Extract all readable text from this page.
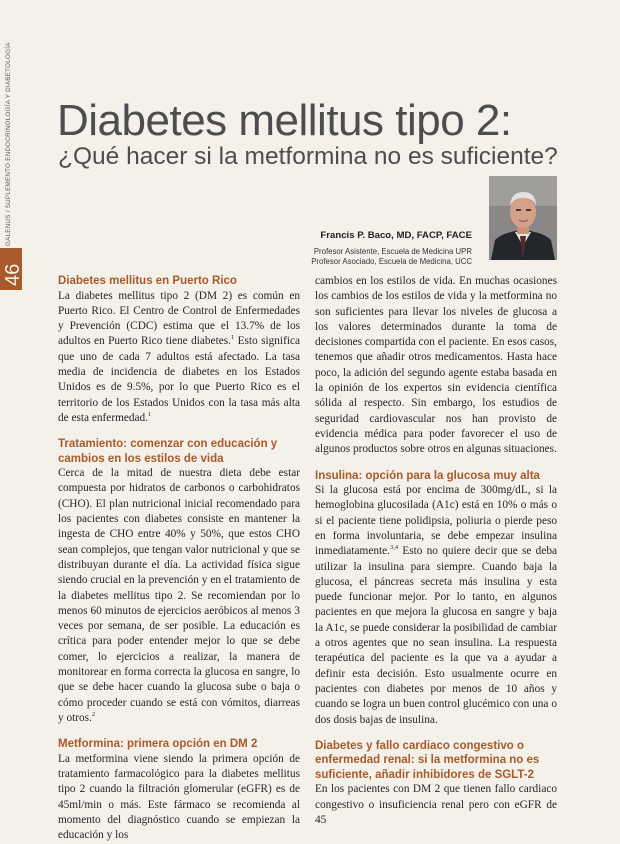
GALENUS / SUPLEMENTO ENDOCRINOLOGÍA Y DIABETOLOGÍA
46
Diabetes mellitus tipo 2:
¿Qué hacer si la metformina no es suficiente?
Francis P. Baco, MD, FACP, FACE
Profesor Asistente, Escuela de Medicina UPR
Profesor Asociado, Escuela de Medicina, UCC
Diabetes mellitus en Puerto Rico

La diabetes mellitus tipo 2 (DM 2) es común en Puerto Rico. El Centro de Control de Enfermedades y Prevención (CDC) estima que el 13.7% de los adultos en Puerto Rico tiene diabetes.$^1$ Esto significa que uno de cada 7 adultos está afectado. La tasa media de incidencia de diabetes en los Estados Unidos es de 9.5%, por lo que Puerto Rico es el territorio de los Estados Unidos con la tasa más alta de esta enfermedad.$^1$

Tratamiento: comenzar con educación y cambios en los estilos de vida

Cerca de la mitad de nuestra dieta debe estar compuesta por hidratos de carbonos o carbohidratos (CHO). El plan nutricional inicial recomendado para los pacientes con diabetes consiste en mantener la ingesta de CHO entre 40% y 50%, que estos CHO sean complejos, que tengan valor nutricional y que se distribuyan durante el día. La actividad física sigue siendo crucial en la prevención y en el tratamiento de la diabetes mellitus tipo 2. Se recomiendan por lo menos 60 minutos de ejercicios aeróbicos al menos 3 veces por semana, de ser posible. La educación es crítica para poder entender mejor lo que se debe comer, lo ejercicios a realizar, la manera de monitorear en forma correcta la glucosa en sangre, lo que se debe hacer cuando la glucosa sube o baja o cómo proceder cuando se está con vómitos, diarreas y otros.$^2$

Metformina: primera opción en DM 2

La metformina viene siendo la primera opción de tratamiento farmacológico para la diabetes mellitus tipo 2 cuando la filtración glomerular (eGFR) es de 45ml/min o más. Este fármaco se recomienda al momento del diagnóstico cuando se empiezan la educación y los

cambios en los estilos de vida. En muchas ocasiones los cambios de los estilos de vida y la metformina no son suficientes para llevar los niveles de glucosa a los valores determinados durante la toma de decisiones compartida con el paciente. En esos casos, tenemos que añadir otros medicamentos. Hasta hace poco, la adición del segundo agente estaba basada en la opinión de los expertos sin evidencia científica sólida al respecto. Sin embargo, los estudios de seguridad cardiovascular nos han provisto de evidencia médica para poder favorecer el uso de algunos productos sobre otros en algunas situaciones.

Insulina: opción para la glucosa muy alta

Si la glucosa está por encima de 300mg/dL, si la hemoglobina glucosilada (A1c) está en 10% o más o si el paciente tiene polidipsia, poliuria o pierde peso en forma involuntaria, se debe empezar insulina inmediatamente.$^{3,4}$ Esto no quiere decir que se deba utilizar la insulina para siempre. Cuando baja la glucosa, el páncreas secreta más insulina y esta puede funcionar mejor. Por lo tanto, en algunos pacientes en que mejora la glucosa en sangre y baja la A1c, se puede considerar la posibilidad de cambiar a otros agentes que no sean insulina. La respuesta terapéutica del paciente es la que va a ayudar a definir esta decisión. Esto usualmente ocurre en pacientes con diabetes por menos de 10 años y cuando se logra un buen control glucémico con una o dos dosis bajas de insulina.

Diabetes y fallo cardiaco congestivo o enfermedad renal: si la metformina no es suficiente, añadir inhibidores de SGLT-2

En los pacientes con DM 2 que tienen fallo cardiaco congestivo o insuficiencia renal pero con eGFR de 45
